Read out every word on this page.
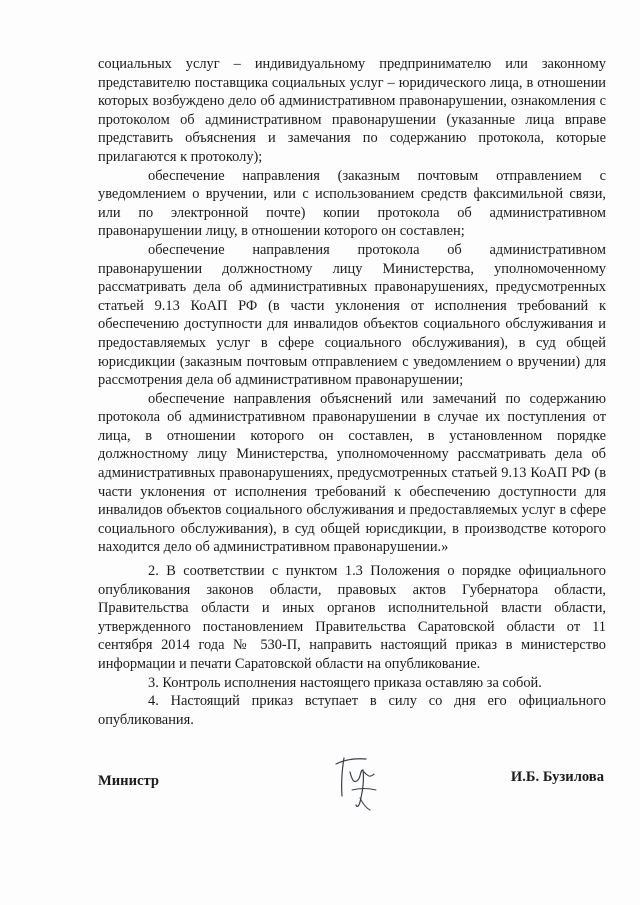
социальных услуг – индивидуальному предпринимателю или законному представителю поставщика социальных услуг – юридического лица, в отношении которых возбуждено дело об административном правонарушении, ознакомления с протоколом об административном правонарушении (указанные лица вправе представить объяснения и замечания по содержанию протокола, которые прилагаются к протоколу);

обеспечение направления (заказным почтовым отправлением с уведомлением о вручении, или с использованием средств факсимильной связи, или по электронной почте) копии протокола об административном правонарушении лицу, в отношении которого он составлен;

обеспечение направления протокола об административном правонарушении должностному лицу Министерства, уполномоченному рассматривать дела об административных правонарушениях, предусмотренных статьей 9.13 КоАП РФ (в части уклонения от исполнения требований к обеспечению доступности для инвалидов объектов социального обслуживания и предоставляемых услуг в сфере социального обслуживания), в суд общей юрисдикции (заказным почтовым отправлением с уведомлением о вручении) для рассмотрения дела об административном правонарушении;

обеспечение направления объяснений или замечаний по содержанию протокола об административном правонарушении в случае их поступления от лица, в отношении которого он составлен, в установленном порядке должностному лицу Министерства, уполномоченному рассматривать дела об административных правонарушениях, предусмотренных статьей 9.13 КоАП РФ (в части уклонения от исполнения требований к обеспечению доступности для инвалидов объектов социального обслуживания и предоставляемых услуг в сфере социального обслуживания), в суд общей юрисдикции, в производстве которого находится дело об административном правонарушении.»

2. В соответствии с пунктом 1.3 Положения о порядке официального опубликования законов области, правовых актов Губернатора области, Правительства области и иных органов исполнительной власти области, утвержденного постановлением Правительства Саратовской области от 11 сентября 2014 года № 530-П, направить настоящий приказ в министерство информации и печати Саратовской области на опубликование.

3. Контроль исполнения настоящего приказа оставляю за собой.

4. Настоящий приказ вступает в силу со дня его официального опубликования.

Министр	И.Б. Бузилова
